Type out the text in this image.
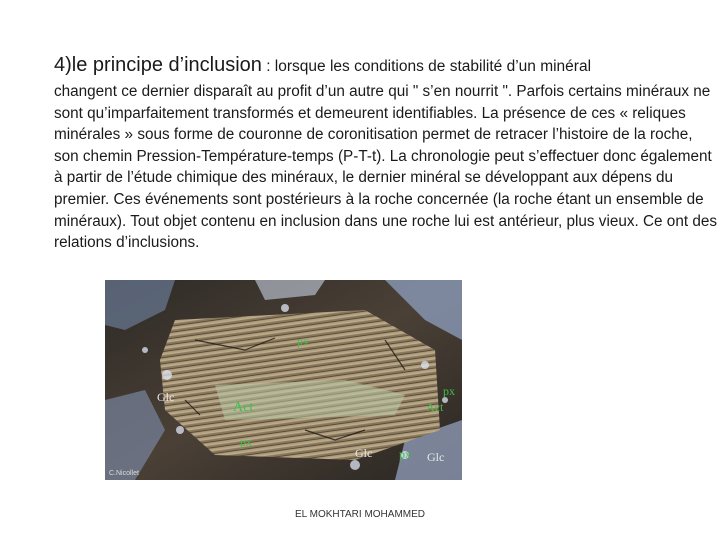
4)le principe d’inclusion : lorsque les conditions de stabilité d’un minéral

changent ce dernier disparaît au profit d’un autre qui " s’en nourrit ". Parfois certains minéraux ne sont qu’imparfaitement transformés et demeurent identifiables. La présence de ces « reliques minérales » sous forme de couronne de coronitisation permet de retracer l’histoire de la roche, son chemin Pression-Température-temps (P-T-t). La chronologie peut s’effectuer donc également à partir de l’étude chimique des minéraux, le dernier minéral se développant aux dépens du premier. Ces événements sont postérieurs à la roche concernée (la roche étant un ensemble de minéraux). Tout objet contenu en inclusion dans une roche lui est antérieur, plus vieux. Ce ont des relations d’inclusions.

px
Glc
Act
px
Act
px
Glc px Glc
C.Nicollet
EL MOKHTARI MOHAMMED
